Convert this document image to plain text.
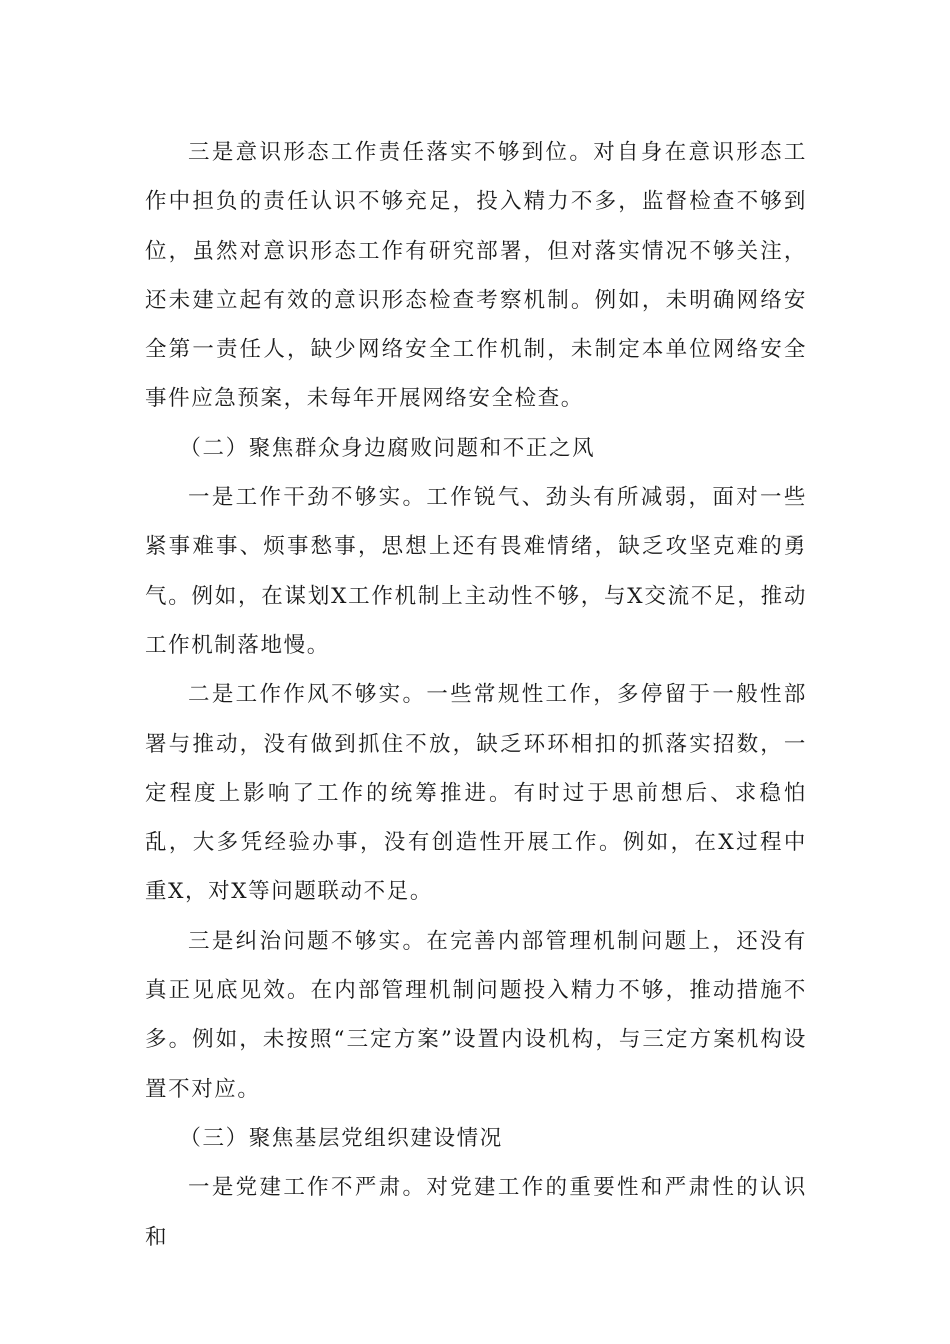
三是意识形态工作责任落实不够到位。对自身在意识形态工作中担负的责任认识不够充足，投入精力不多，监督检查不够到位，虽然对意识形态工作有研究部署，但对落实情况不够关注，还未建立起有效的意识形态检查考察机制。例如，未明确网络安全第一责任人，缺少网络安全工作机制，未制定本单位网络安全事件应急预案，未每年开展网络安全检查。

（二）聚焦群众身边腐败问题和不正之风

一是工作干劲不够实。工作锐气、劲头有所减弱，面对一些紧事难事、烦事愁事，思想上还有畏难情绪，缺乏攻坚克难的勇气。例如，在谋划X工作机制上主动性不够，与X交流不足，推动工作机制落地慢。

二是工作作风不够实。一些常规性工作，多停留于一般性部署与推动，没有做到抓住不放，缺乏环环相扣的抓落实招数，一定程度上影响了工作的统筹推进。有时过于思前想后、求稳怕乱，大多凭经验办事，没有创造性开展工作。例如，在X过程中重X，对X等问题联动不足。

三是纠治问题不够实。在完善内部管理机制问题上，还没有真正见底见效。在内部管理机制问题投入精力不够，推动措施不多。例如，未按照“三定方案”设置内设机构，与三定方案机构设置不对应。

（三）聚焦基层党组织建设情况

一是党建工作不严肃。对党建工作的重要性和严肃性的认识和
